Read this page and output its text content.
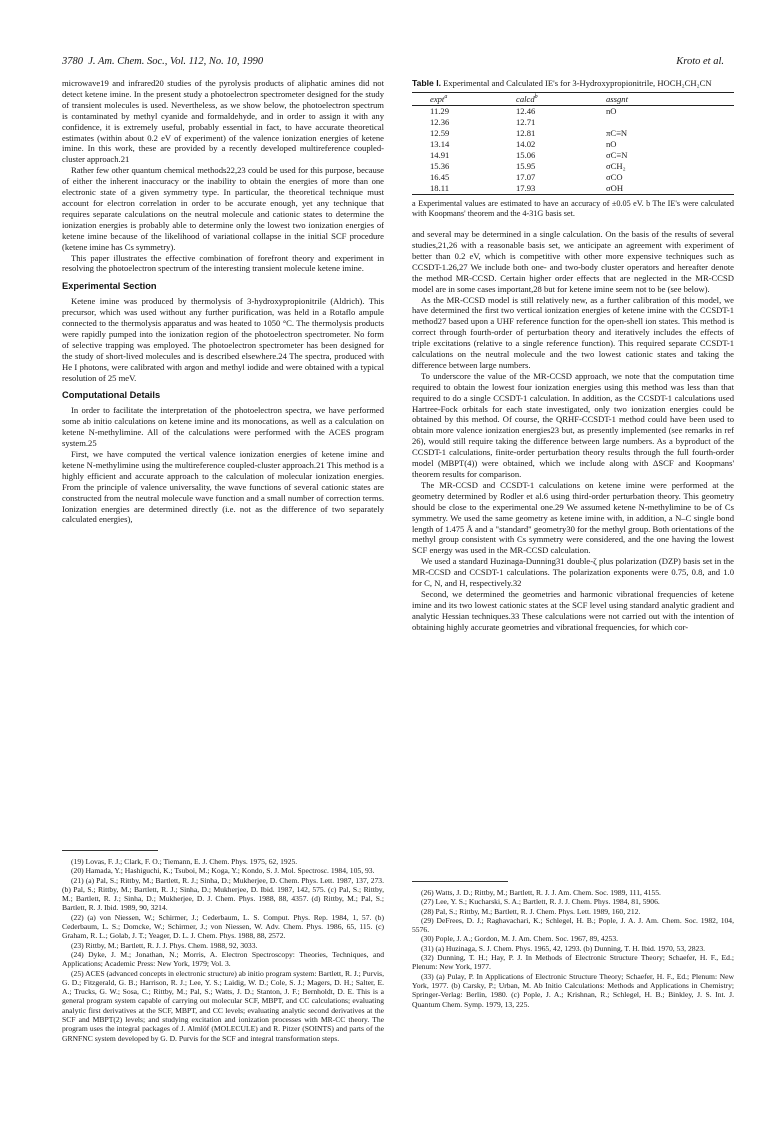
3780 J. Am. Chem. Soc., Vol. 112, No. 10, 1990	Kroto et al.

microwave19 and infrared20 studies of the pyrolysis products of aliphatic amines did not detect ketene imine. In the present study a photoelectron spectrometer designed for the study of transient molecules is used. Nevertheless, as we show below, the photoelectron spectrum is contaminated by methyl cyanide and formaldehyde, and in order to assign it with any confidence, it is extremely useful, probably essential in fact, to have accurate theoretical estimates (within about 0.2 eV of experiment) of the valence ionization energies of ketene imine. In this work, these are provided by a recently developed multireference coupled-cluster approach.21

Rather few other quantum chemical methods22,23 could be used for this purpose, because of either the inherent inaccuracy or the inability to obtain the energies of more than one electronic state of a given symmetry type. In particular, the theoretical technique must account for electron correlation in order to be accurate enough, yet any technique that requires separate calculations on the neutral molecule and cationic states to determine the ionization energies is probably able to determine only the lowest two ionization energies of ketene imine because of the likelihood of variational collapse in the initial SCF procedure (ketene imine has Cs symmetry).

This paper illustrates the effective combination of forefront theory and experiment in resolving the photoelectron spectrum of the interesting transient molecule ketene imine.

Experimental Section

Ketene imine was produced by thermolysis of 3-hydroxypropionitrile (Aldrich). This precursor, which was used without any further purification, was held in a Rotaflo ampule connected to the thermolysis apparatus and was heated to 1050 °C. The thermolysis products were rapidly pumped into the ionization region of the photoelectron spectrometer. No form of selective trapping was employed. The photoelectron spectrometer has been designed for the study of short-lived molecules and is described elsewhere.24 The spectra, produced with He I photons, were calibrated with argon and methyl iodide and were obtained with a typical resolution of 25 meV.

Computational Details

In order to facilitate the interpretation of the photoelectron spectra, we have performed some ab initio calculations on ketene imine and its monocations, as well as a calculation on ketene N-methylimine. All of the calculations were performed with the ACES program system.25

First, we have computed the vertical valence ionization energies of ketene imine and ketene N-methylimine using the multireference coupled-cluster approach.21 This method is a highly efficient and accurate approach to the calculation of molecular ionization energies. From the principle of valence universality, the wave functions of several cationic states are constructed from the neutral molecule wave function and a small number of correction terms. Ionization energies are determined directly (i.e. not as the difference of two separately calculated energies),

(19) Lovas, F. J.; Clark, F. O.; Tiemann, E. J. Chem. Phys. 1975, 62, 1925.

(20) Hamada, Y.; Hashiguchi, K.; Tsuboi, M.; Koga, Y.; Kondo, S. J. Mol. Spectrosc. 1984, 105, 93.

(21) (a) Pal, S.; Rittby, M.; Bartlett, R. J.; Sinha, D.; Mukherjee, D. Chem. Phys. Lett. 1987, 137, 273. (b) Pal, S.; Rittby, M.; Bartlett, R. J.; Sinha, D.; Mukherjee, D. Ibid. 1987, 142, 575. (c) Pal, S.; Rittby, M.; Bartlett, R. J.; Sinha, D.; Mukherjee, D. J. Chem. Phys. 1988, 88, 4357. (d) Rittby, M.; Pal, S.; Bartlett, R. J. Ibid. 1989, 90, 3214.

(22) (a) von Niessen, W.; Schirmer, J.; Cederbaum, L. S. Comput. Phys. Rep. 1984, 1, 57. (b) Cederbaum, L. S.; Domcke, W.; Schirmer, J.; von Niessen, W. Adv. Chem. Phys. 1986, 65, 115. (c) Graham, R. L.; Golab, J. T.; Yeager, D. L. J. Chem. Phys. 1988, 88, 2572.

(23) Rittby, M.; Bartlett, R. J. J. Phys. Chem. 1988, 92, 3033.

(24) Dyke, J. M.; Jonathan, N.; Morris, A. Electron Spectroscopy: Theories, Techniques, and Applications; Academic Press: New York, 1979; Vol. 3.

(25) ACES (advanced concepts in electronic structure) ab initio program system: Bartlett, R. J.; Purvis, G. D.; Fitzgerald, G. B.; Harrison, R. J.; Lee, Y. S.; Laidig, W. D.; Cole, S. J.; Magers, D. H.; Salter, E. A.; Trucks, G. W.; Sosa, C.; Rittby, M.; Pal, S.; Watts, J. D.; Stanton, J. F.; Bernholdt, D. E. This is a general program system capable of carrying out molecular SCF, MBPT, and CC calculations; evaluating analytic first derivatives at the SCF, MBPT, and CC levels; evaluating analytic second derivatives at the SCF and MBPT(2) levels; and studying excitation and ionization processes with MR-CC theory. The program uses the integral packages of J. Almlöf (MOLECULE) and R. Pitzer (SOINTS) and parts of the GRNFNC system developed by G. D. Purvis for the SCF and integral transformation steps.

Table I. Experimental and Calculated IE's for 3-Hydroxypropionitrile, HOCH₂CH₂CN
expt$^a$	calcd$^b$	assgnt
11.29	12.46	nO
12.36	12.71	
12.59	12.81	πC≡N
13.14	14.02	nO
14.91	15.06	σC≡N
15.36	15.95	σCH₂
16.45	17.07	σCO
18.11	17.93	σOH
a Experimental values are estimated to have an accuracy of ±0.05 eV. b The IE's were calculated with Koopmans' theorem and the 4-31G basis set.

and several may be determined in a single calculation. On the basis of the results of several studies,21,26 with a reasonable basis set, we anticipate an agreement with experiment of better than 0.2 eV, which is competitive with other more expensive techniques such as CCSDT-1.26,27 We include both one- and two-body cluster operators and hereafter denote the method MR-CCSD. Certain higher order effects that are neglected in the MR-CCSD model are in some cases important,28 but for ketene imine seem not to be (see below).

As the MR-CCSD model is still relatively new, as a further calibration of this model, we have determined the first two vertical ionization energies of ketene imine with the CCSDT-1 method27 based upon a UHF reference function for the open-shell ion states. This method is correct through fourth-order of perturbation theory and iteratively includes the effects of triple excitations (relative to a single reference function). This required separate CCSDT-1 calculations on the neutral molecule and the two lowest cationic states and taking the difference between large numbers.

To underscore the value of the MR-CCSD approach, we note that the computation time required to obtain the lowest four ionization energies using this method was less than that required to do a single CCSDT-1 calculation. In addition, as the CCSDT-1 calculations used Hartree-Fock orbitals for each state investigated, only two ionization energies could be obtained by this method. Of course, the QRHF-CCSDT-1 method could have been used to obtain more valence ionization energies23 but, as presently implemented (see remarks in ref 26), would still require taking the difference between large numbers. As a byproduct of the CCSDT-1 calculations, finite-order perturbation theory results through the full fourth-order model (MBPT(4)) were obtained, which we include along with ΔSCF and Koopmans' theorem results for comparison.

The MR-CCSD and CCSDT-1 calculations on ketene imine were performed at the geometry determined by Rodler et al.6 using third-order perturbation theory. This geometry should be close to the experimental one.29 We assumed ketene N-methylimine to be of Cs symmetry. We used the same geometry as ketene imine with, in addition, a N–C single bond length of 1.475 Å and a "standard" geometry30 for the methyl group. Both orientations of the methyl group consistent with Cs symmetry were considered, and the one having the lowest SCF energy was used in the MR-CCSD calculation.

We used a standard Huzinaga-Dunning31 double-ζ plus polarization (DZP) basis set in the MR-CCSD and CCSDT-1 calculations. The polarization exponents were 0.75, 0.8, and 1.0 for C, N, and H, respectively.32

Second, we determined the geometries and harmonic vibrational frequencies of ketene imine and its two lowest cationic states at the SCF level using standard analytic gradient and analytic Hessian techniques.33 These calculations were not carried out with the intention of obtaining highly accurate geometries and vibrational frequencies, for which cor-

(26) Watts, J. D.; Rittby, M.; Bartlett, R. J. J. Am. Chem. Soc. 1989, 111, 4155.

(27) Lee, Y. S.; Kucharski, S. A.; Bartlett, R. J. J. Chem. Phys. 1984, 81, 5906.

(28) Pal, S.; Rittby, M.; Bartlett, R. J. Chem. Phys. Lett. 1989, 160, 212.

(29) DeFrees, D. J.; Raghavachari, K.; Schlegel, H. B.; Pople, J. A. J. Am. Chem. Soc. 1982, 104, 5576.

(30) Pople, J. A.; Gordon, M. J. Am. Chem. Soc. 1967, 89, 4253.

(31) (a) Huzinaga, S. J. Chem. Phys. 1965, 42, 1293. (b) Dunning, T. H. Ibid. 1970, 53, 2823.

(32) Dunning, T. H.; Hay, P. J. In Methods of Electronic Structure Theory; Schaefer, H. F., Ed.; Plenum: New York, 1977.

(33) (a) Pulay, P. In Applications of Electronic Structure Theory; Schaefer, H. F., Ed.; Plenum: New York, 1977. (b) Carsky, P.; Urban, M. Ab Initio Calculations: Methods and Applications in Chemistry; Springer-Verlag: Berlin, 1980. (c) Pople, J. A.; Krishnan, R.; Schlegel, H. B.; Binkley, J. S. Int. J. Quantum Chem. Symp. 1979, 13, 225.
